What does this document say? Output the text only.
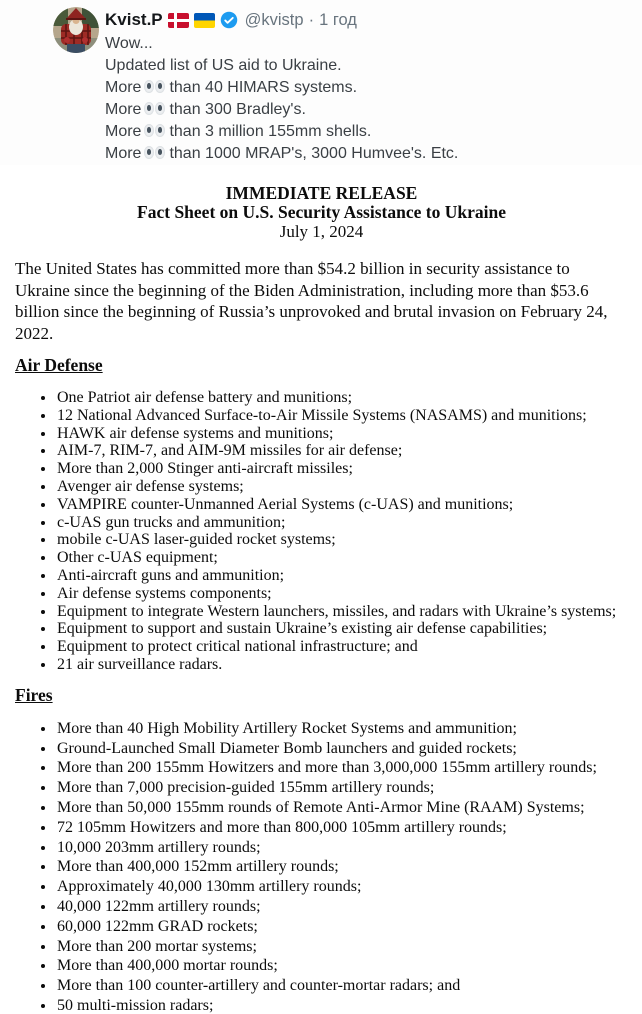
Kvist.P	@kvistp · 1 год
Wow...
Updated list of US aid to Ukraine.
More than 40 HIMARS systems.
More than 300 Bradley's.
More than 3 million 155mm shells.
More than 1000 MRAP's, 3000 Humvee's. Etc.
IMMEDIATE RELEASE
Fact Sheet on U.S. Security Assistance to Ukraine
July 1, 2024

The United States has committed more than $54.2 billion in security assistance to Ukraine since the beginning of the Biden Administration, including more than $53.6 billion since the beginning of Russia’s unprovoked and brutal invasion on February 24, 2022.

Air Defense
• One Patriot air defense battery and munitions;
• 12 National Advanced Surface-to-Air Missile Systems (NASAMS) and munitions;
• HAWK air defense systems and munitions;
• AIM-7, RIM-7, and AIM-9M missiles for air defense;
• More than 2,000 Stinger anti-aircraft missiles;
• Avenger air defense systems;
• VAMPIRE counter-Unmanned Aerial Systems (c-UAS) and munitions;
• c-UAS gun trucks and ammunition;
• mobile c-UAS laser-guided rocket systems;
• Other c-UAS equipment;
• Anti-aircraft guns and ammunition;
• Air defense systems components;
• Equipment to integrate Western launchers, missiles, and radars with Ukraine’s systems;
• Equipment to support and sustain Ukraine’s existing air defense capabilities;
• Equipment to protect critical national infrastructure; and
• 21 air surveillance radars.
Fires
• More than 40 High Mobility Artillery Rocket Systems and ammunition;
• Ground-Launched Small Diameter Bomb launchers and guided rockets;
• More than 200 155mm Howitzers and more than 3,000,000 155mm artillery rounds;
• More than 7,000 precision-guided 155mm artillery rounds;
• More than 50,000 155mm rounds of Remote Anti-Armor Mine (RAAM) Systems;
• 72 105mm Howitzers and more than 800,000 105mm artillery rounds;
• 10,000 203mm artillery rounds;
• More than 400,000 152mm artillery rounds;
• Approximately 40,000 130mm artillery rounds;
• 40,000 122mm artillery rounds;
• 60,000 122mm GRAD rockets;
• More than 200 mortar systems;
• More than 400,000 mortar rounds;
• More than 100 counter-artillery and counter-mortar radars; and
• 50 multi-mission radars;
